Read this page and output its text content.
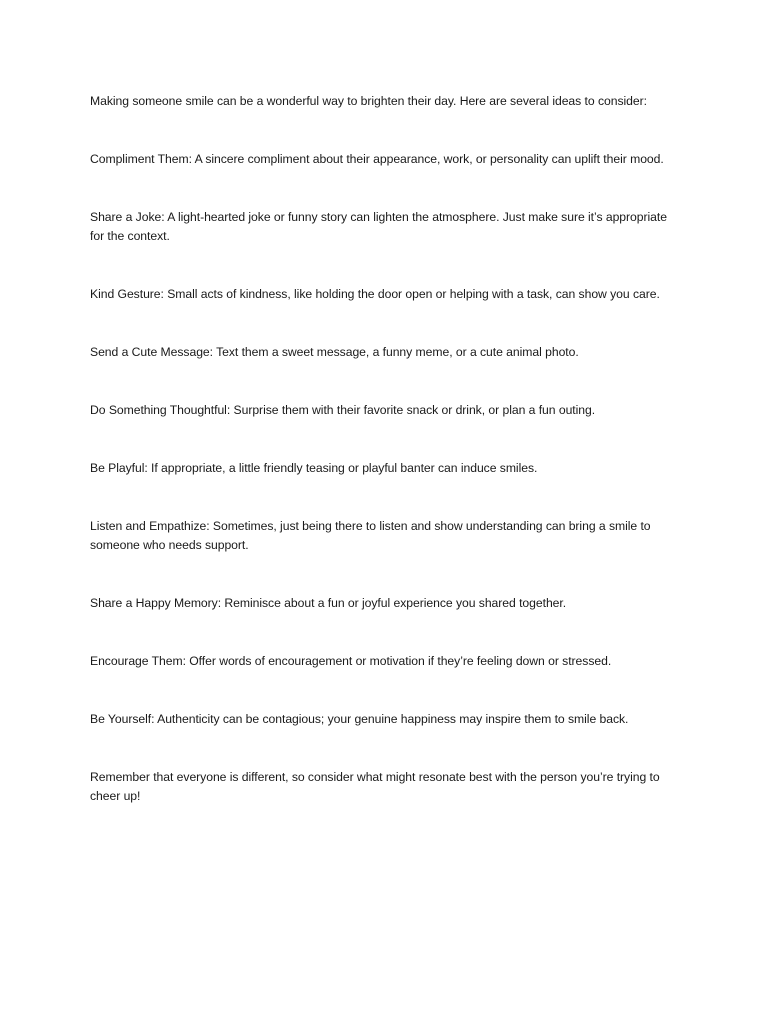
Making someone smile can be a wonderful way to brighten their day. Here are several ideas to consider:

Compliment Them: A sincere compliment about their appearance, work, or personality can uplift their mood.

Share a Joke: A light-hearted joke or funny story can lighten the atmosphere. Just make sure it’s appropriate for the context.

Kind Gesture: Small acts of kindness, like holding the door open or helping with a task, can show you care.

Send a Cute Message: Text them a sweet message, a funny meme, or a cute animal photo.

Do Something Thoughtful: Surprise them with their favorite snack or drink, or plan a fun outing.

Be Playful: If appropriate, a little friendly teasing or playful banter can induce smiles.

Listen and Empathize: Sometimes, just being there to listen and show understanding can bring a smile to someone who needs support.

Share a Happy Memory: Reminisce about a fun or joyful experience you shared together.

Encourage Them: Offer words of encouragement or motivation if they’re feeling down or stressed.

Be Yourself: Authenticity can be contagious; your genuine happiness may inspire them to smile back.

Remember that everyone is different, so consider what might resonate best with the person you’re trying to cheer up!
